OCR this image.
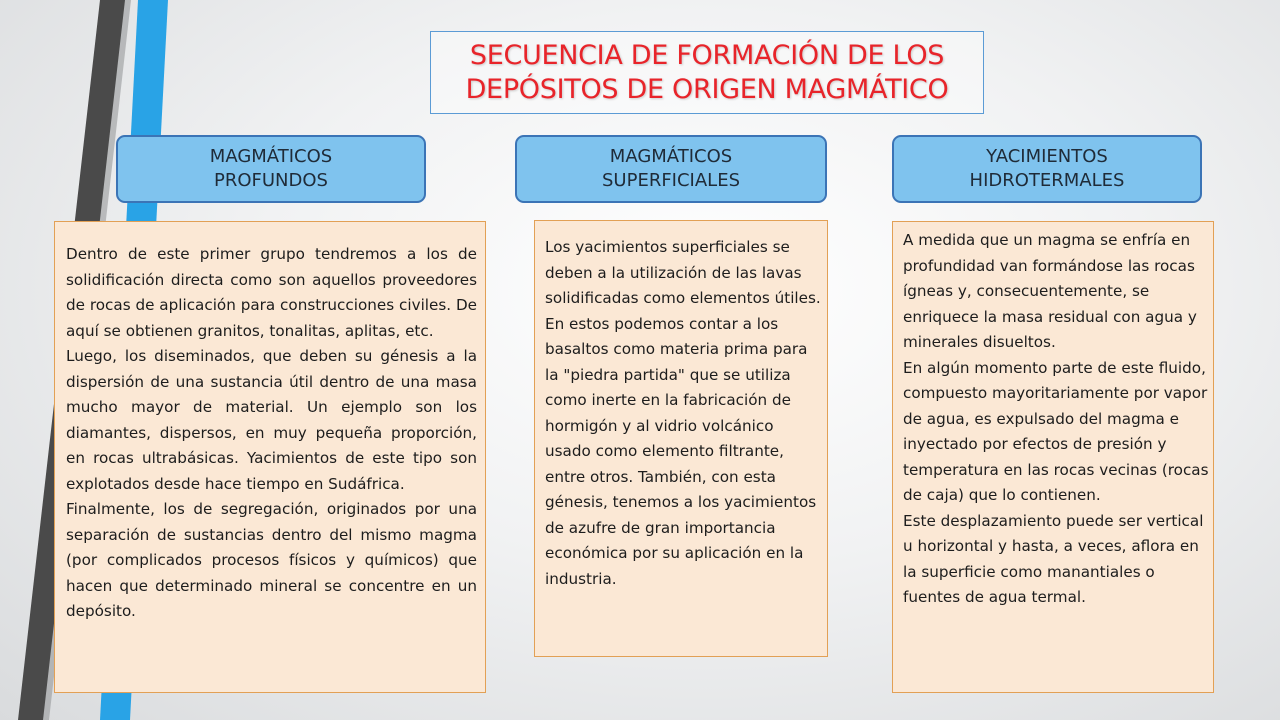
SECUENCIA DE FORMACIÓN DE LOS
DEPÓSITOS DE ORIGEN MAGMÁTICO
MAGMÁTICOS
PROFUNDOS
MAGMÁTICOS
SUPERFICIALES
YACIMIENTOS
HIDROTERMALES

Dentro de este primer grupo tendremos a los de solidificación directa como son aquellos proveedores de rocas de aplicación para construcciones civiles. De aquí se obtienen granitos, tonalitas, aplitas, etc.

Luego, los diseminados, que deben su génesis a la dispersión de una sustancia útil dentro de una masa mucho mayor de material. Un ejemplo son los diamantes, dispersos, en muy pequeña proporción, en rocas ultrabásicas. Yacimientos de este tipo son explotados desde hace tiempo en Sudáfrica.

Finalmente, los de segregación, originados por una separación de sustancias dentro del mismo magma (por complicados procesos físicos y químicos) que hacen que determinado mineral se concentre en un depósito.

Los yacimientos superficiales se deben a la utilización de las lavas solidificadas como elementos útiles. En estos podemos contar a los basaltos como materia prima para la "piedra partida" que se utiliza como inerte en la fabricación de hormigón y al vidrio volcánico usado como elemento filtrante, entre otros. También, con esta génesis, tenemos a los yacimientos de azufre de gran importancia económica por su aplicación en la industria.

A medida que un magma se enfría en profundidad van formándose las rocas ígneas y, consecuentemente, se enriquece la masa residual con agua y minerales disueltos.

En algún momento parte de este fluido, compuesto mayoritariamente por vapor de agua, es expulsado del magma e inyectado por efectos de presión y temperatura en las rocas vecinas (rocas de caja) que lo contienen.

Este desplazamiento puede ser vertical u horizontal y hasta, a veces, aflora en la superficie como manantiales o fuentes de agua termal.
